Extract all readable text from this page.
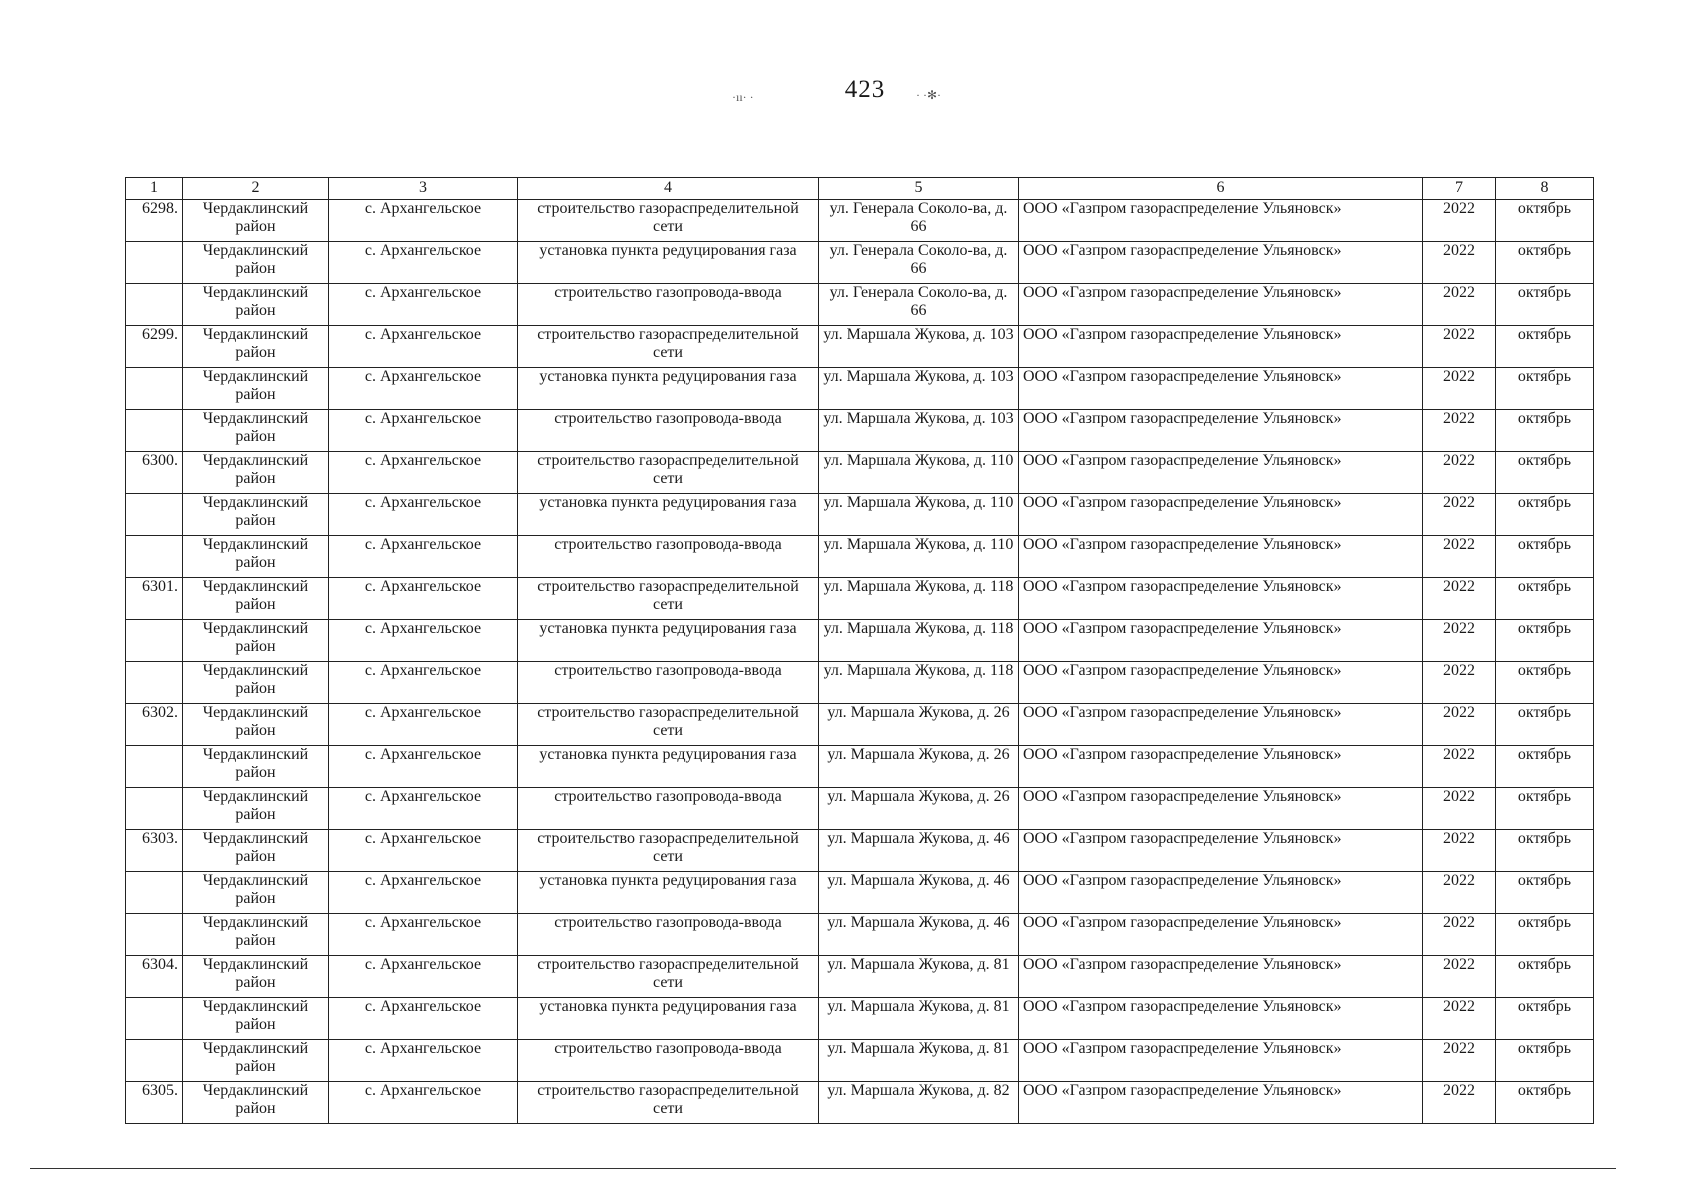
423
·ıı· ·	· ·✻·
1	2	3	4	5	6	7	8
6298.	Чердаклинский район	с. Архангельское	строительство газораспределительной сети	ул. Генерала Соколо-ва, д. 66	ООО «Газпром газораспределение Ульяновск»	2022	октябрь
	Чердаклинский район	с. Архангельское	установка пункта редуцирования газа	ул. Генерала Соколо-ва, д. 66	ООО «Газпром газораспределение Ульяновск»	2022	октябрь
	Чердаклинский район	с. Архангельское	строительство газопровода-ввода	ул. Генерала Соколо-ва, д. 66	ООО «Газпром газораспределение Ульяновск»	2022	октябрь
6299.	Чердаклинский район	с. Архангельское	строительство газораспределительной сети	ул. Маршала Жукова, д. 103	ООО «Газпром газораспределение Ульяновск»	2022	октябрь
	Чердаклинский район	с. Архангельское	установка пункта редуцирования газа	ул. Маршала Жукова, д. 103	ООО «Газпром газораспределение Ульяновск»	2022	октябрь
	Чердаклинский район	с. Архангельское	строительство газопровода-ввода	ул. Маршала Жукова, д. 103	ООО «Газпром газораспределение Ульяновск»	2022	октябрь
6300.	Чердаклинский район	с. Архангельское	строительство газораспределительной сети	ул. Маршала Жукова, д. 110	ООО «Газпром газораспределение Ульяновск»	2022	октябрь
	Чердаклинский район	с. Архангельское	установка пункта редуцирования газа	ул. Маршала Жукова, д. 110	ООО «Газпром газораспределение Ульяновск»	2022	октябрь
	Чердаклинский район	с. Архангельское	строительство газопровода-ввода	ул. Маршала Жукова, д. 110	ООО «Газпром газораспределение Ульяновск»	2022	октябрь
6301.	Чердаклинский район	с. Архангельское	строительство газораспределительной сети	ул. Маршала Жукова, д. 118	ООО «Газпром газораспределение Ульяновск»	2022	октябрь
	Чердаклинский район	с. Архангельское	установка пункта редуцирования газа	ул. Маршала Жукова, д. 118	ООО «Газпром газораспределение Ульяновск»	2022	октябрь
	Чердаклинский район	с. Архангельское	строительство газопровода-ввода	ул. Маршала Жукова, д. 118	ООО «Газпром газораспределение Ульяновск»	2022	октябрь
6302.	Чердаклинский район	с. Архангельское	строительство газораспределительной сети	ул. Маршала Жукова, д. 26	ООО «Газпром газораспределение Ульяновск»	2022	октябрь
	Чердаклинский район	с. Архангельское	установка пункта редуцирования газа	ул. Маршала Жукова, д. 26	ООО «Газпром газораспределение Ульяновск»	2022	октябрь
	Чердаклинский район	с. Архангельское	строительство газопровода-ввода	ул. Маршала Жукова, д. 26	ООО «Газпром газораспределение Ульяновск»	2022	октябрь
6303.	Чердаклинский район	с. Архангельское	строительство газораспределительной сети	ул. Маршала Жукова, д. 46	ООО «Газпром газораспределение Ульяновск»	2022	октябрь
	Чердаклинский район	с. Архангельское	установка пункта редуцирования газа	ул. Маршала Жукова, д. 46	ООО «Газпром газораспределение Ульяновск»	2022	октябрь
	Чердаклинский район	с. Архангельское	строительство газопровода-ввода	ул. Маршала Жукова, д. 46	ООО «Газпром газораспределение Ульяновск»	2022	октябрь
6304.	Чердаклинский район	с. Архангельское	строительство газораспределительной сети	ул. Маршала Жукова, д. 81	ООО «Газпром газораспределение Ульяновск»	2022	октябрь
	Чердаклинский район	с. Архангельское	установка пункта редуцирования газа	ул. Маршала Жукова, д. 81	ООО «Газпром газораспределение Ульяновск»	2022	октябрь
	Чердаклинский район	с. Архангельское	строительство газопровода-ввода	ул. Маршала Жукова, д. 81	ООО «Газпром газораспределение Ульяновск»	2022	октябрь
6305.	Чердаклинский район	с. Архангельское	строительство газораспределительной сети	ул. Маршала Жукова, д. 82	ООО «Газпром газораспределение Ульяновск»	2022	октябрь
